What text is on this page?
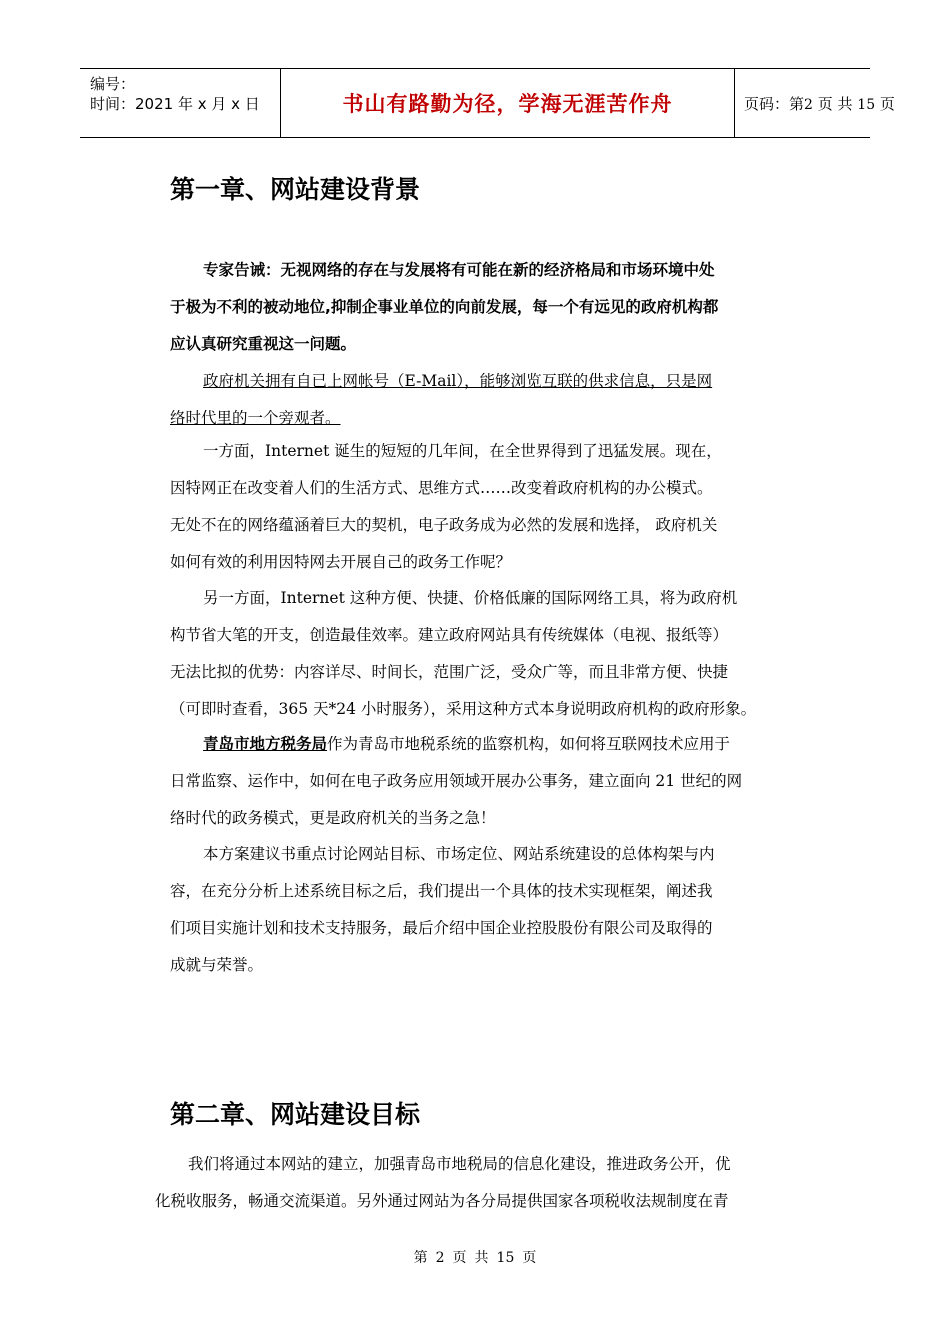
编号：
时间：2021 年 x 月 x 日	书山有路勤为径，学海无涯苦作舟	页码：第2 页 共 15 页
第一章、网站建设背景
专家告诫：无视网络的存在与发展将有可能在新的经济格局和市场环境中处
于极为不利的被动地位,抑制企事业单位的向前发展，每一个有远见的政府机构都
应认真研究重视这一问题。
政府机关拥有自已上网帐号（E-Mail），能够浏览互联的供求信息，只是网
络时代里的一个旁观者。
一方面，Internet 诞生的短短的几年间，在全世界得到了迅猛发展。现在，
因特网正在改变着人们的生活方式、思维方式……改变着政府机构的办公模式。
无处不在的网络蕴涵着巨大的契机，电子政务成为必然的发展和选择， 政府机关
如何有效的利用因特网去开展自己的政务工作呢？
另一方面，Internet 这种方便、快捷、价格低廉的国际网络工具，将为政府机
构节省大笔的开支，创造最佳效率。建立政府网站具有传统媒体（电视、报纸等）
无法比拟的优势：内容详尽、时间长，范围广泛，受众广等，而且非常方便、快捷
（可即时查看，365 天*24 小时服务），采用这种方式本身说明政府机构的政府形象。
青岛市地方税务局作为青岛市地税系统的监察机构，如何将互联网技术应用于
日常监察、运作中，如何在电子政务应用领域开展办公事务，建立面向 21 世纪的网
络时代的政务模式，更是政府机关的当务之急！
本方案建议书重点讨论网站目标、市场定位、网站系统建设的总体构架与内
容，在充分分析上述系统目标之后，我们提出一个具体的技术实现框架，阐述我
们项目实施计划和技术支持服务，最后介绍中国企业控股股份有限公司及取得的
成就与荣誉。
第二章、网站建设目标
我们将通过本网站的建立，加强青岛市地税局的信息化建设，推进政务公开，优
化税收服务，畅通交流渠道。另外通过网站为各分局提供国家各项税收法规制度在青
第 2 页 共 15 页
